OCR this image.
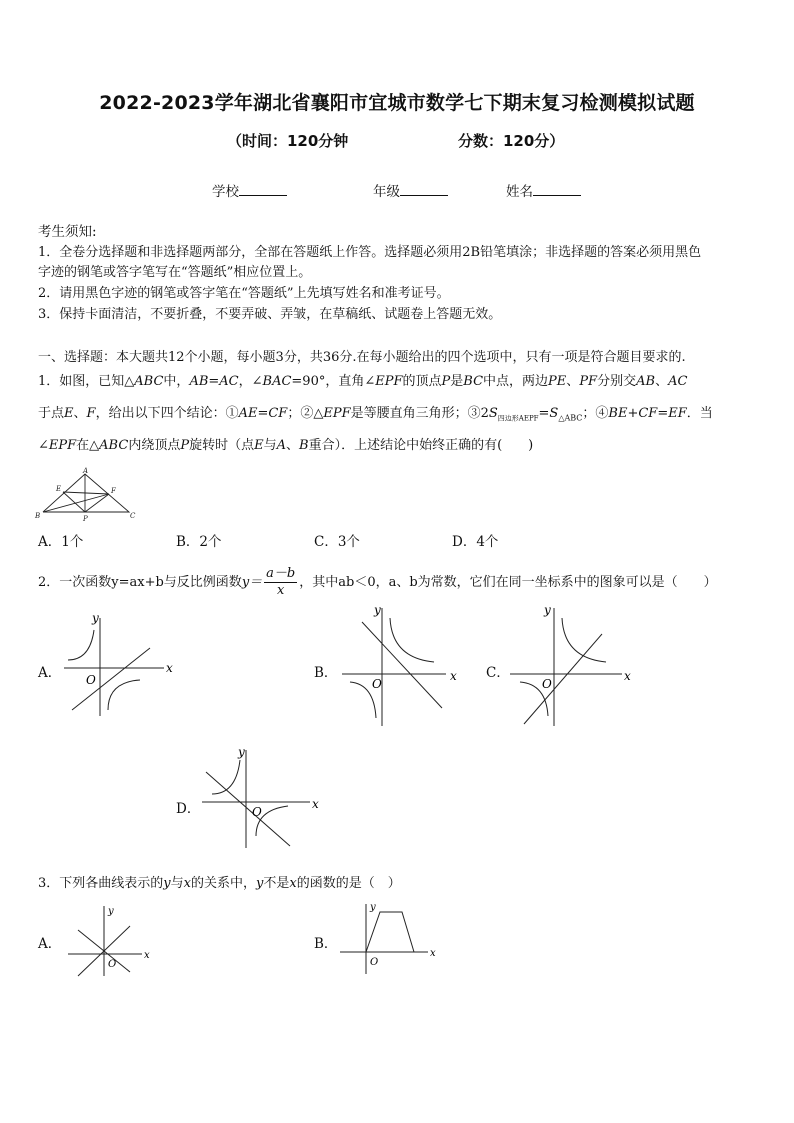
2022-2023学年湖北省襄阳市宜城市数学七下期末复习检测模拟试题
（时间：120分钟	分数：120分）
学校	年级	姓名
考生须知:
1．全卷分选择题和非选择题两部分，全部在答题纸上作答。选择题必须用2B铅笔填涂；非选择题的答案必须用黑色
字迹的钢笔或答字笔写在“答题纸”相应位置上。
2．请用黑色字迹的钢笔或答字笔在“答题纸”上先填写姓名和准考证号。
3．保持卡面清洁，不要折叠，不要弄破、弄皱，在草稿纸、试题卷上答题无效。
一、选择题：本大题共12个小题，每小题3分，共36分.在每小题给出的四个选项中，只有一项是符合题目要求的.
1．如图，已知△ABC中，AB=AC，∠BAC=90°，直角∠EPF的顶点P是BC中点，两边PE、PF分别交AB、AC
于点E、F，给出以下四个结论：①AE=CF；②△EPF是等腰直角三角形；$③2S_{四边形AEPF}=S_{\triangle ABC}$；④BE+CF=EF．当
∠EPF在△ABC内绕顶点P旋转时（点E与A、B重合）．上述结论中始终正确的有(　　)
A
B	C
E	F
P
A．1个	B．2个	C．3个	D．4个
2．一次函数y=ax+b与反比例函数$y= \frac{a-b}{x}$ ，其中ab＜0，a、b为常数，它们在同一坐标系中的图象可以是（　　）
A．	x
y
O	B．	x
y
O
C．	x
y
O
D．	x
y
O
3．下列各曲线表示的y与x的关系中，y不是x的函数的是（　）
A．
x
y
O
B．
x
y
O
